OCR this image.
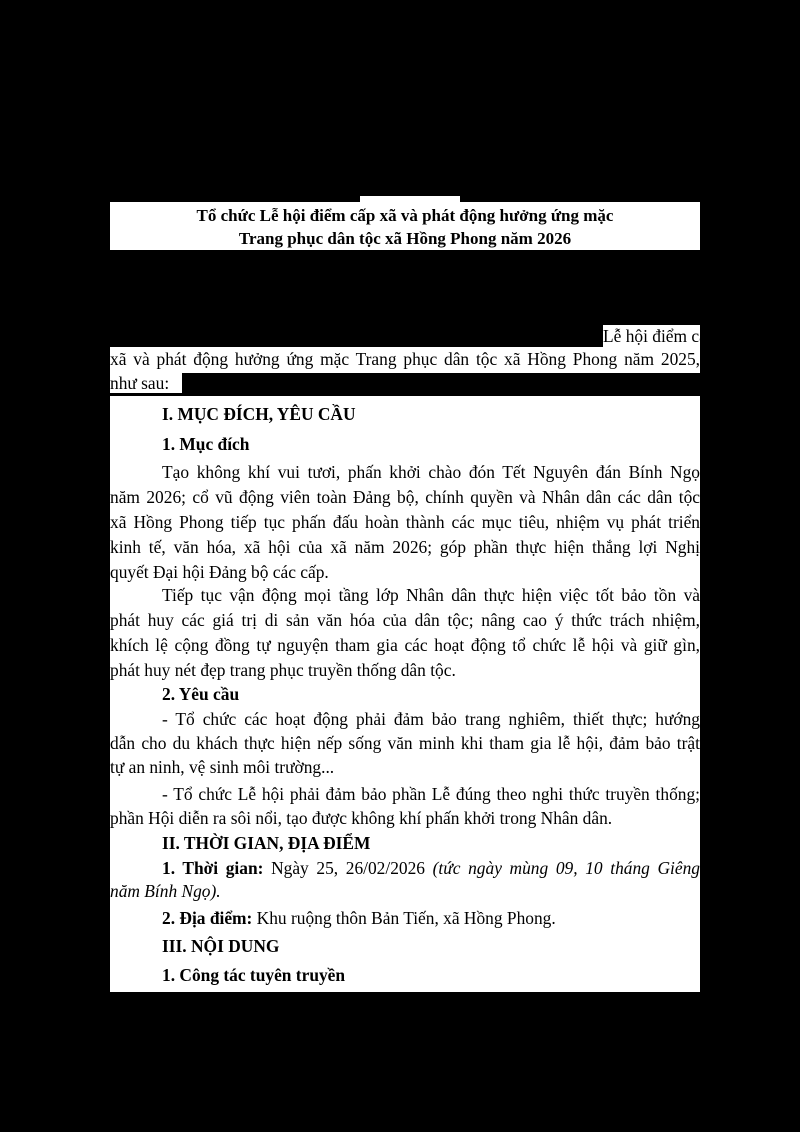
Tổ chức Lễ hội điểm cấp xã và phát động hưởng ứng mặc
Trang phục dân tộc xã Hồng Phong năm 2026
Lễ hội điểm cấp
xã và phát động hưởng ứng mặc Trang phục dân tộc xã Hồng Phong năm 2025,
như sau:
I. MỤC ĐÍCH, YÊU CẦU
1. Mục đích
Tạo không khí vui tươi, phấn khởi chào đón Tết Nguyên đán Bính Ngọ
năm 2026; cổ vũ động viên toàn Đảng bộ, chính quyền và Nhân dân các dân tộc
xã Hồng Phong tiếp tục phấn đấu hoàn thành các mục tiêu, nhiệm vụ phát triển
kinh tế, văn hóa, xã hội của xã năm 2026; góp phần thực hiện thắng lợi Nghị
quyết Đại hội Đảng bộ các cấp.
Tiếp tục vận động mọi tầng lớp Nhân dân thực hiện việc tốt bảo tồn và
phát huy các giá trị di sản văn hóa của dân tộc; nâng cao ý thức trách nhiệm,
khích lệ cộng đồng tự nguyện tham gia các hoạt động tổ chức lễ hội và giữ gìn,
phát huy nét đẹp trang phục truyền thống dân tộc.
2. Yêu cầu
- Tổ chức các hoạt động phải đảm bảo trang nghiêm, thiết thực; hướng
dẫn cho du khách thực hiện nếp sống văn minh khi tham gia lễ hội, đảm bảo trật
tự an ninh, vệ sinh môi trường...
- Tổ chức Lễ hội phải đảm bảo phần Lễ đúng theo nghi thức truyền thống;
phần Hội diễn ra sôi nổi, tạo được không khí phấn khởi trong Nhân dân.
II. THỜI GIAN, ĐỊA ĐIỂM
1. Thời gian: Ngày 25, 26/02/2026 (tức ngày mùng 09, 10 tháng Giêng
năm Bính Ngọ).
2. Địa điểm: Khu ruộng thôn Bản Tiến, xã Hồng Phong.
III. NỘI DUNG
1. Công tác tuyên truyền
